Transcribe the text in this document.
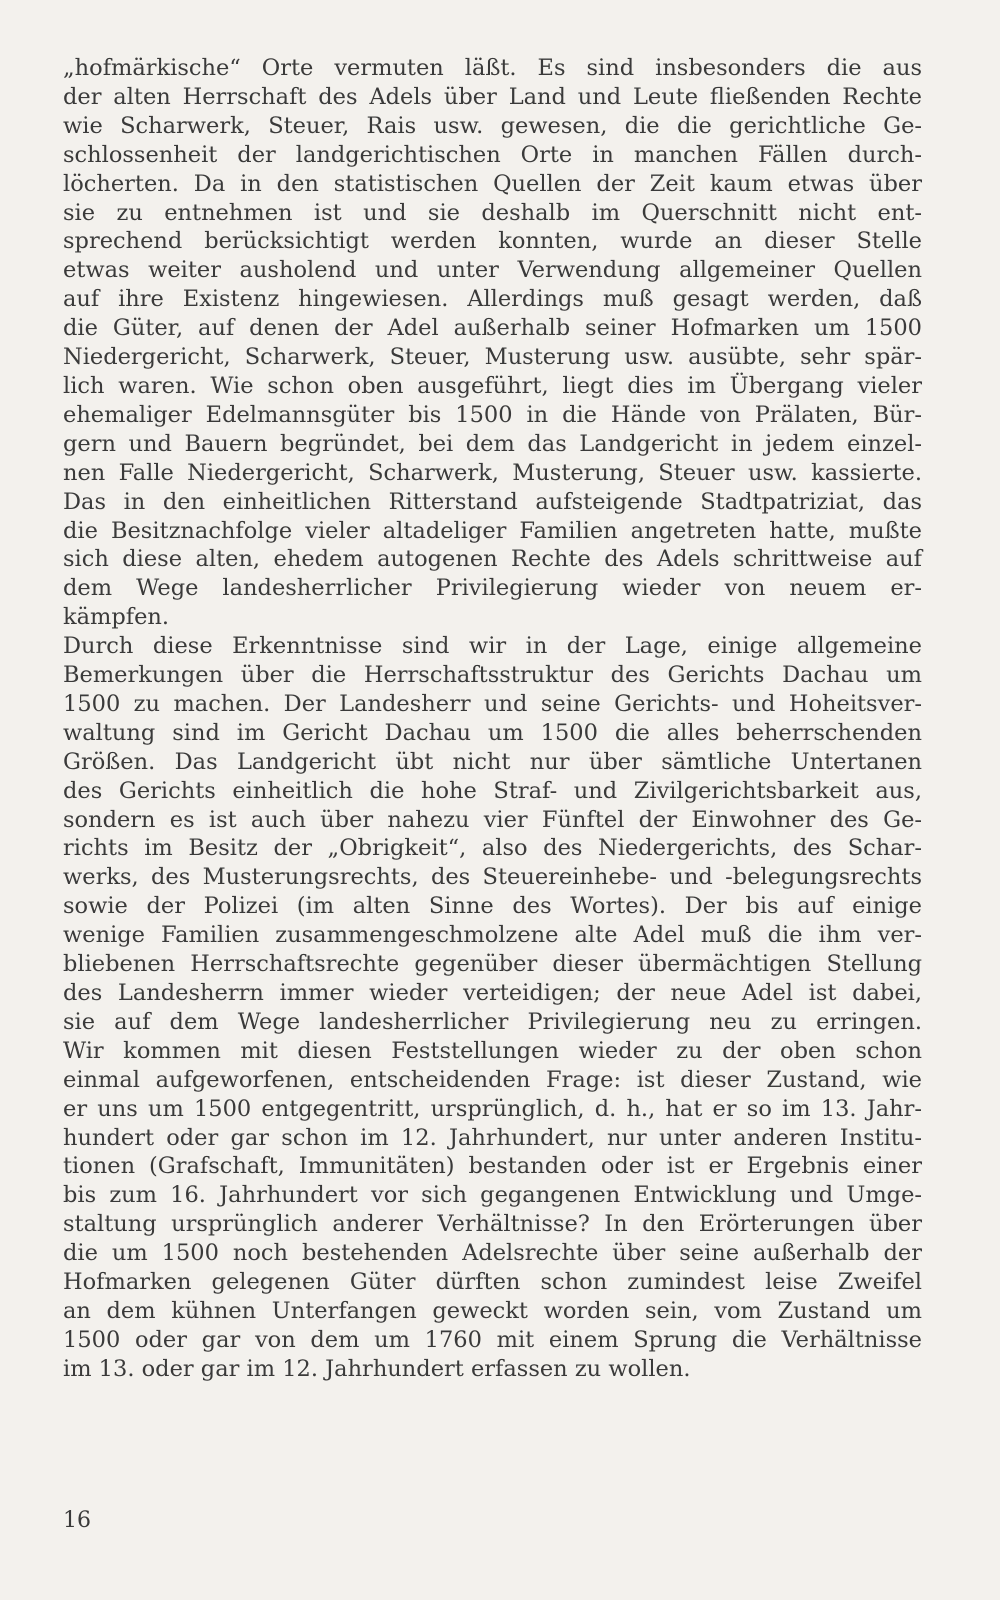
„hofmärkische“ Orte vermuten läßt. Es sind insbesonders die aus
der alten Herrschaft des Adels über Land und Leute fließenden Rechte
wie Scharwerk, Steuer, Rais usw. gewesen, die die gerichtliche Ge-
schlossenheit der landgerichtischen Orte in manchen Fällen durch-
löcherten. Da in den statistischen Quellen der Zeit kaum etwas über
sie zu entnehmen ist und sie deshalb im Querschnitt nicht ent-
sprechend berücksichtigt werden konnten, wurde an dieser Stelle
etwas weiter ausholend und unter Verwendung allgemeiner Quellen
auf ihre Existenz hingewiesen. Allerdings muß gesagt werden, daß
die Güter, auf denen der Adel außerhalb seiner Hofmarken um 1500
Niedergericht, Scharwerk, Steuer, Musterung usw. ausübte, sehr spär-
lich waren. Wie schon oben ausgeführt, liegt dies im Übergang vieler
ehemaliger Edelmannsgüter bis 1500 in die Hände von Prälaten, Bür-
gern und Bauern begründet, bei dem das Landgericht in jedem einzel-
nen Falle Niedergericht, Scharwerk, Musterung, Steuer usw. kassierte.
Das in den einheitlichen Ritterstand aufsteigende Stadtpatriziat, das
die Besitznachfolge vieler altadeliger Familien angetreten hatte, mußte
sich diese alten, ehedem autogenen Rechte des Adels schrittweise auf
dem Wege landesherrlicher Privilegierung wieder von neuem er-
kämpfen.
Durch diese Erkenntnisse sind wir in der Lage, einige allgemeine
Bemerkungen über die Herrschaftsstruktur des Gerichts Dachau um
1500 zu machen. Der Landesherr und seine Gerichts- und Hoheitsver-
waltung sind im Gericht Dachau um 1500 die alles beherrschenden
Größen. Das Landgericht übt nicht nur über sämtliche Untertanen
des Gerichts einheitlich die hohe Straf- und Zivilgerichtsbarkeit aus,
sondern es ist auch über nahezu vier Fünftel der Einwohner des Ge-
richts im Besitz der „Obrigkeit“, also des Niedergerichts, des Schar-
werks, des Musterungsrechts, des Steuereinhebe- und -belegungsrechts
sowie der Polizei (im alten Sinne des Wortes). Der bis auf einige
wenige Familien zusammengeschmolzene alte Adel muß die ihm ver-
bliebenen Herrschaftsrechte gegenüber dieser übermächtigen Stellung
des Landesherrn immer wieder verteidigen; der neue Adel ist dabei,
sie auf dem Wege landesherrlicher Privilegierung neu zu erringen.
Wir kommen mit diesen Feststellungen wieder zu der oben schon
einmal aufgeworfenen, entscheidenden Frage: ist dieser Zustand, wie
er uns um 1500 entgegentritt, ursprünglich, d. h., hat er so im 13. Jahr-
hundert oder gar schon im 12. Jahrhundert, nur unter anderen Institu-
tionen (Grafschaft, Immunitäten) bestanden oder ist er Ergebnis einer
bis zum 16. Jahrhundert vor sich gegangenen Entwicklung und Umge-
staltung ursprünglich anderer Verhältnisse? In den Erörterungen über
die um 1500 noch bestehenden Adelsrechte über seine außerhalb der
Hofmarken gelegenen Güter dürften schon zumindest leise Zweifel
an dem kühnen Unterfangen geweckt worden sein, vom Zustand um
1500 oder gar von dem um 1760 mit einem Sprung die Verhältnisse
im 13. oder gar im 12. Jahrhundert erfassen zu wollen.
16
